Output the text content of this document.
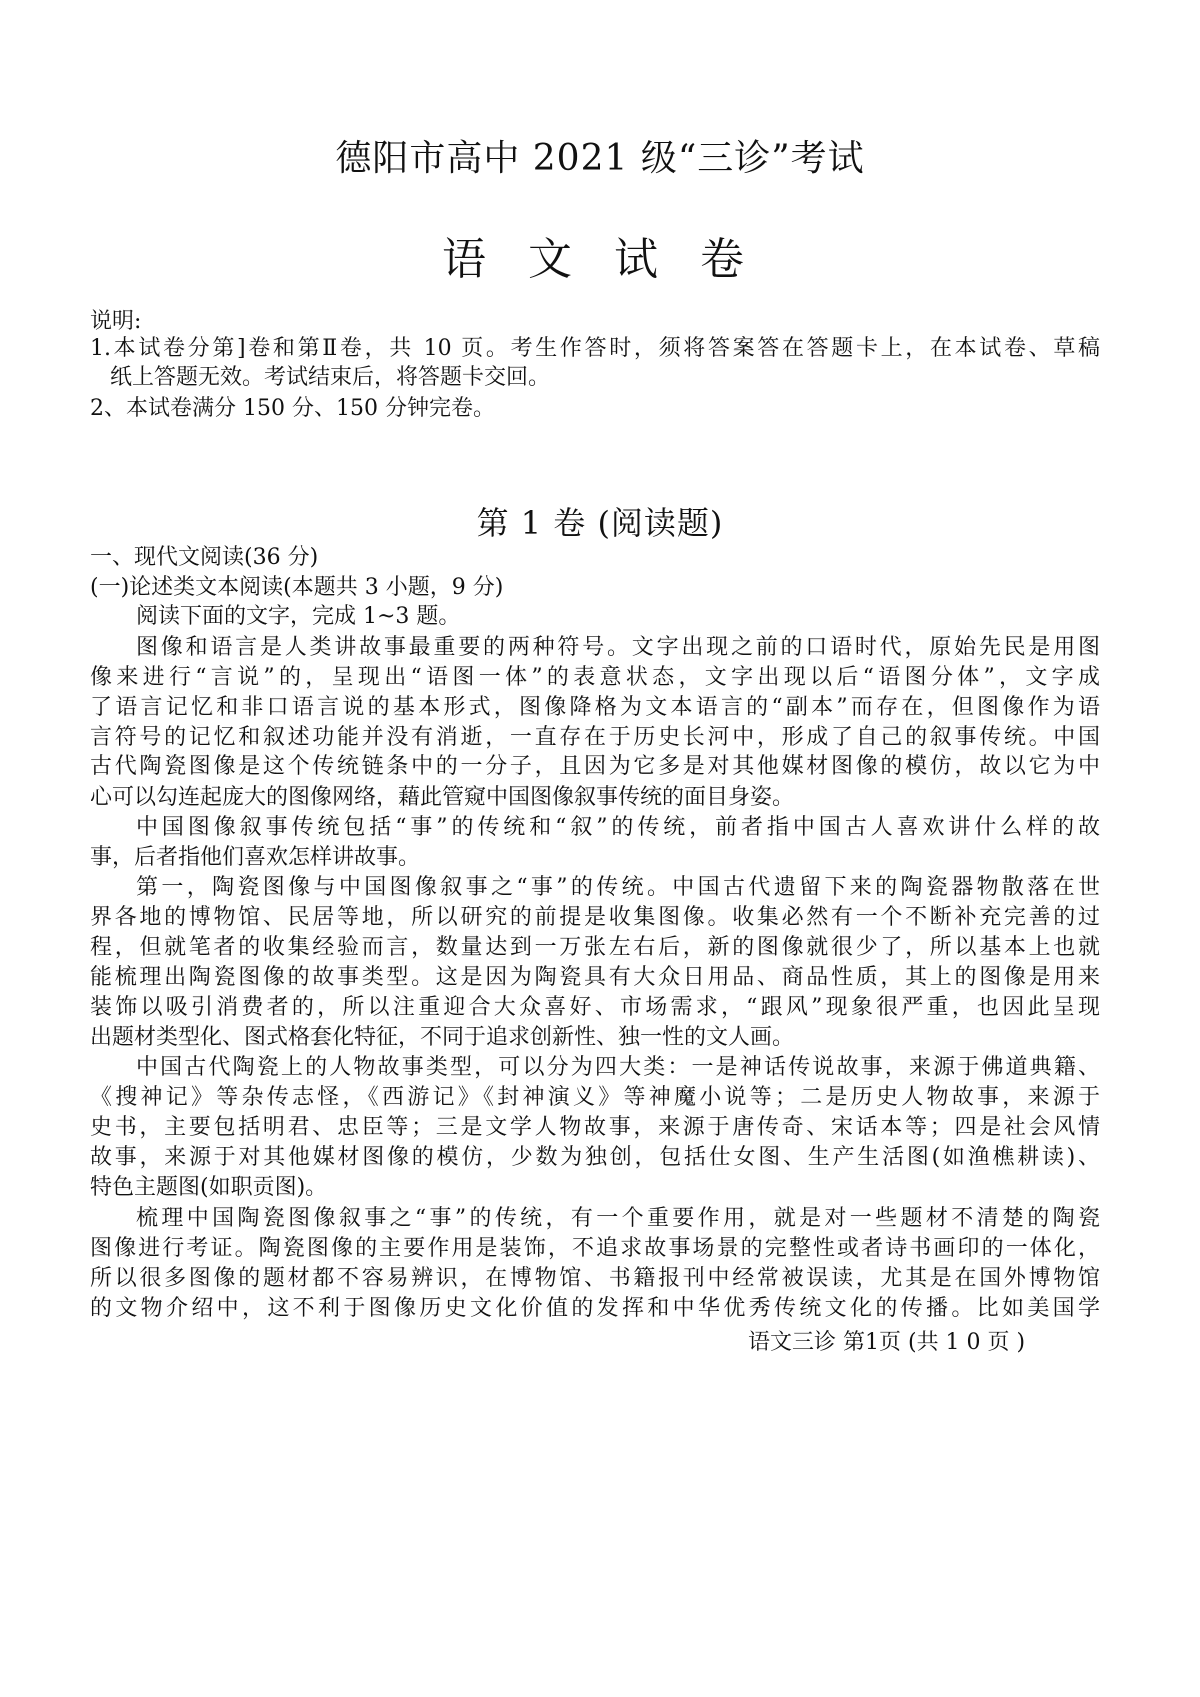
德阳市高中 2021 级“三诊”考试
语 文 试 卷
说明:
1.本试卷分第]卷和第Ⅱ卷，共 10 页。考生作答时，须将答案答在答题卡上，在本试卷、草稿
纸上答题无效。考试结束后，将答题卡交回。
2、本试卷满分 150 分、150 分钟完卷。
第 1 卷 (阅读题)
一、现代文阅读(36 分)
(一)论述类文本阅读(本题共 3 小题，9 分)
阅读下面的文字，完成 1~3 题。
图像和语言是人类讲故事最重要的两种符号。文字出现之前的口语时代，原始先民是用图
像来进行“言说”的，呈现出“语图一体”的表意状态，文字出现以后“语图分体”，文字成
了语言记忆和非口语言说的基本形式，图像降格为文本语言的“副本”而存在，但图像作为语
言符号的记忆和叙述功能并没有消逝，一直存在于历史长河中，形成了自己的叙事传统。中国
古代陶瓷图像是这个传统链条中的一分子，且因为它多是对其他媒材图像的模仿，故以它为中
心可以勾连起庞大的图像网络，藉此管窥中国图像叙事传统的面目身姿。
中国图像叙事传统包括“事”的传统和“叙”的传统，前者指中国古人喜欢讲什么样的故
事，后者指他们喜欢怎样讲故事。
第一，陶瓷图像与中国图像叙事之“事”的传统。中国古代遗留下来的陶瓷器物散落在世
界各地的博物馆、民居等地，所以研究的前提是收集图像。收集必然有一个不断补充完善的过
程，但就笔者的收集经验而言，数量达到一万张左右后，新的图像就很少了，所以基本上也就
能梳理出陶瓷图像的故事类型。这是因为陶瓷具有大众日用品、商品性质，其上的图像是用来
装饰以吸引消费者的，所以注重迎合大众喜好、市场需求，“跟风”现象很严重，也因此呈现
出题材类型化、图式格套化特征，不同于追求创新性、独一性的文人画。
中国古代陶瓷上的人物故事类型，可以分为四大类：一是神话传说故事，来源于佛道典籍、
《搜神记》等杂传志怪，《西游记》《封神演义》等神魔小说等；二是历史人物故事，来源于
史书，主要包括明君、忠臣等；三是文学人物故事，来源于唐传奇、宋话本等；四是社会风情
故事，来源于对其他媒材图像的模仿，少数为独创，包括仕女图、生产生活图(如渔樵耕读)、
特色主题图(如职贡图)。
梳理中国陶瓷图像叙事之“事”的传统，有一个重要作用，就是对一些题材不清楚的陶瓷
图像进行考证。陶瓷图像的主要作用是装饰，不追求故事场景的完整性或者诗书画印的一体化，
所以很多图像的题材都不容易辨识，在博物馆、书籍报刊中经常被误读，尤其是在国外博物馆
的文物介绍中，这不利于图像历史文化价值的发挥和中华优秀传统文化的传播。比如美国学
语文三诊 第1页 (共 1 0 页 )
